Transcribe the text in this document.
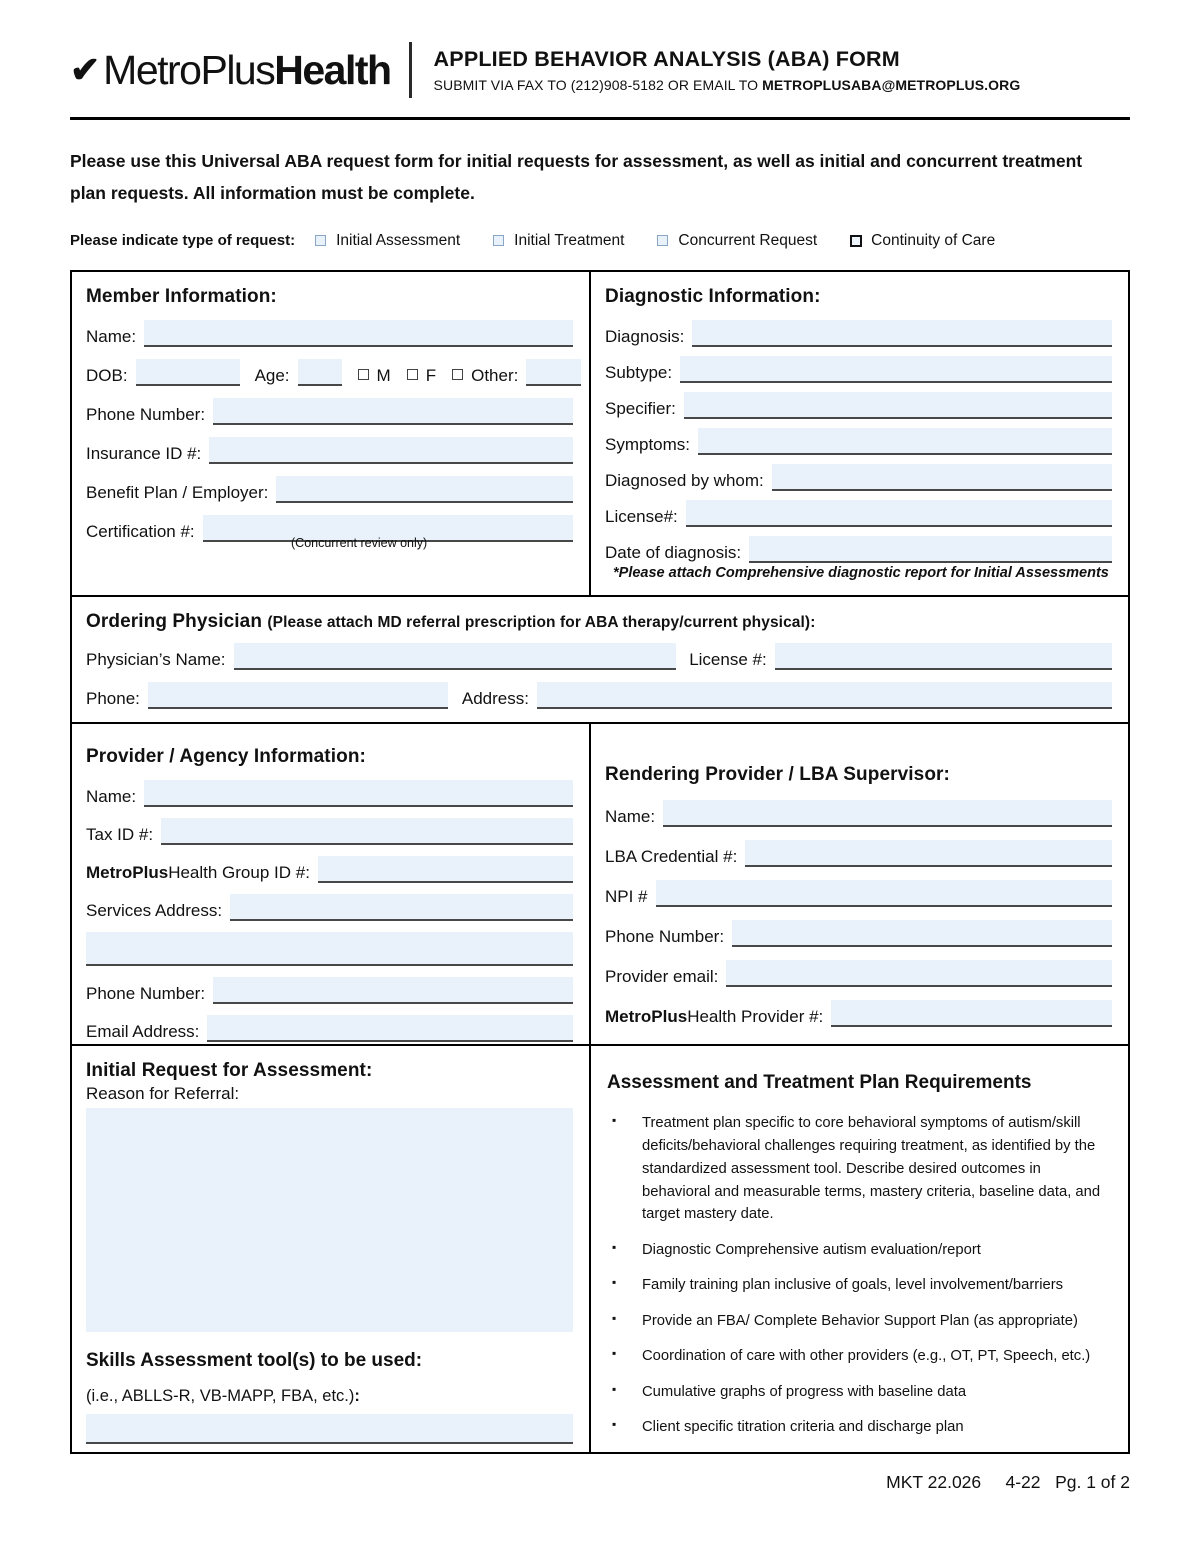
✔ MetroPlus Health APPLIED BEHAVIOR ANALYSIS (ABA) FORM
SUBMIT VIA FAX TO (212)908-5182 OR EMAIL TO METROPLUSABA@METROPLUS.ORG
Please use this Universal ABA request form for initial requests for assessment, as well as initial and concurrent treatment plan requests. All information must be complete.
Please indicate type of request:	Initial Assessment	Initial Treatment	Concurrent Request	Continuity of Care
Member Information:
Name:
DOB:	Age:	M F Other:
Phone Number:
Insurance ID #:
Benefit Plan / Employer:
Certification #:
(Concurrent review only)
Diagnostic Information:
Diagnosis:
Subtype:
Specifier:
Symptoms:
Diagnosed by whom:
License#:
Date of diagnosis:
*Please attach Comprehensive diagnostic report for Initial Assessments
Ordering Physician (Please attach MD referral prescription for ABA therapy/current physical):
Physician’s Name:	License #:
Phone:	Address:
Provider / Agency Information:
Name:
Tax ID #:
MetroPlusHealth Group ID #:
Services Address:
Phone Number:
Email Address:
Rendering Provider / LBA Supervisor:
Name:
LBA Credential #:
NPI #
Phone Number:
Provider email:
MetroPlusHealth Provider #:
Initial Request for Assessment:
Reason for Referral:
Skills Assessment tool(s) to be used:
(i.e., ABLLS-R, VB-MAPP, FBA, etc.):
Assessment and Treatment Plan Requirements
▪ Treatment plan specific to core behavioral symptoms of autism/skill deficits/behavioral challenges requiring treatment, as identified by the standardized assessment tool. Describe desired outcomes in behavioral and measurable terms, mastery criteria, baseline data, and target mastery date.
▪ Diagnostic Comprehensive autism evaluation/report
▪ Family training plan inclusive of goals, level involvement/barriers
▪ Provide an FBA/ Complete Behavior Support Plan (as appropriate)
▪ Coordination of care with other providers (e.g., OT, PT, Speech, etc.)
▪ Cumulative graphs of progress with baseline data
▪ Client specific titration criteria and discharge plan
MKT 22.026     4-22   Pg. 1 of 2
